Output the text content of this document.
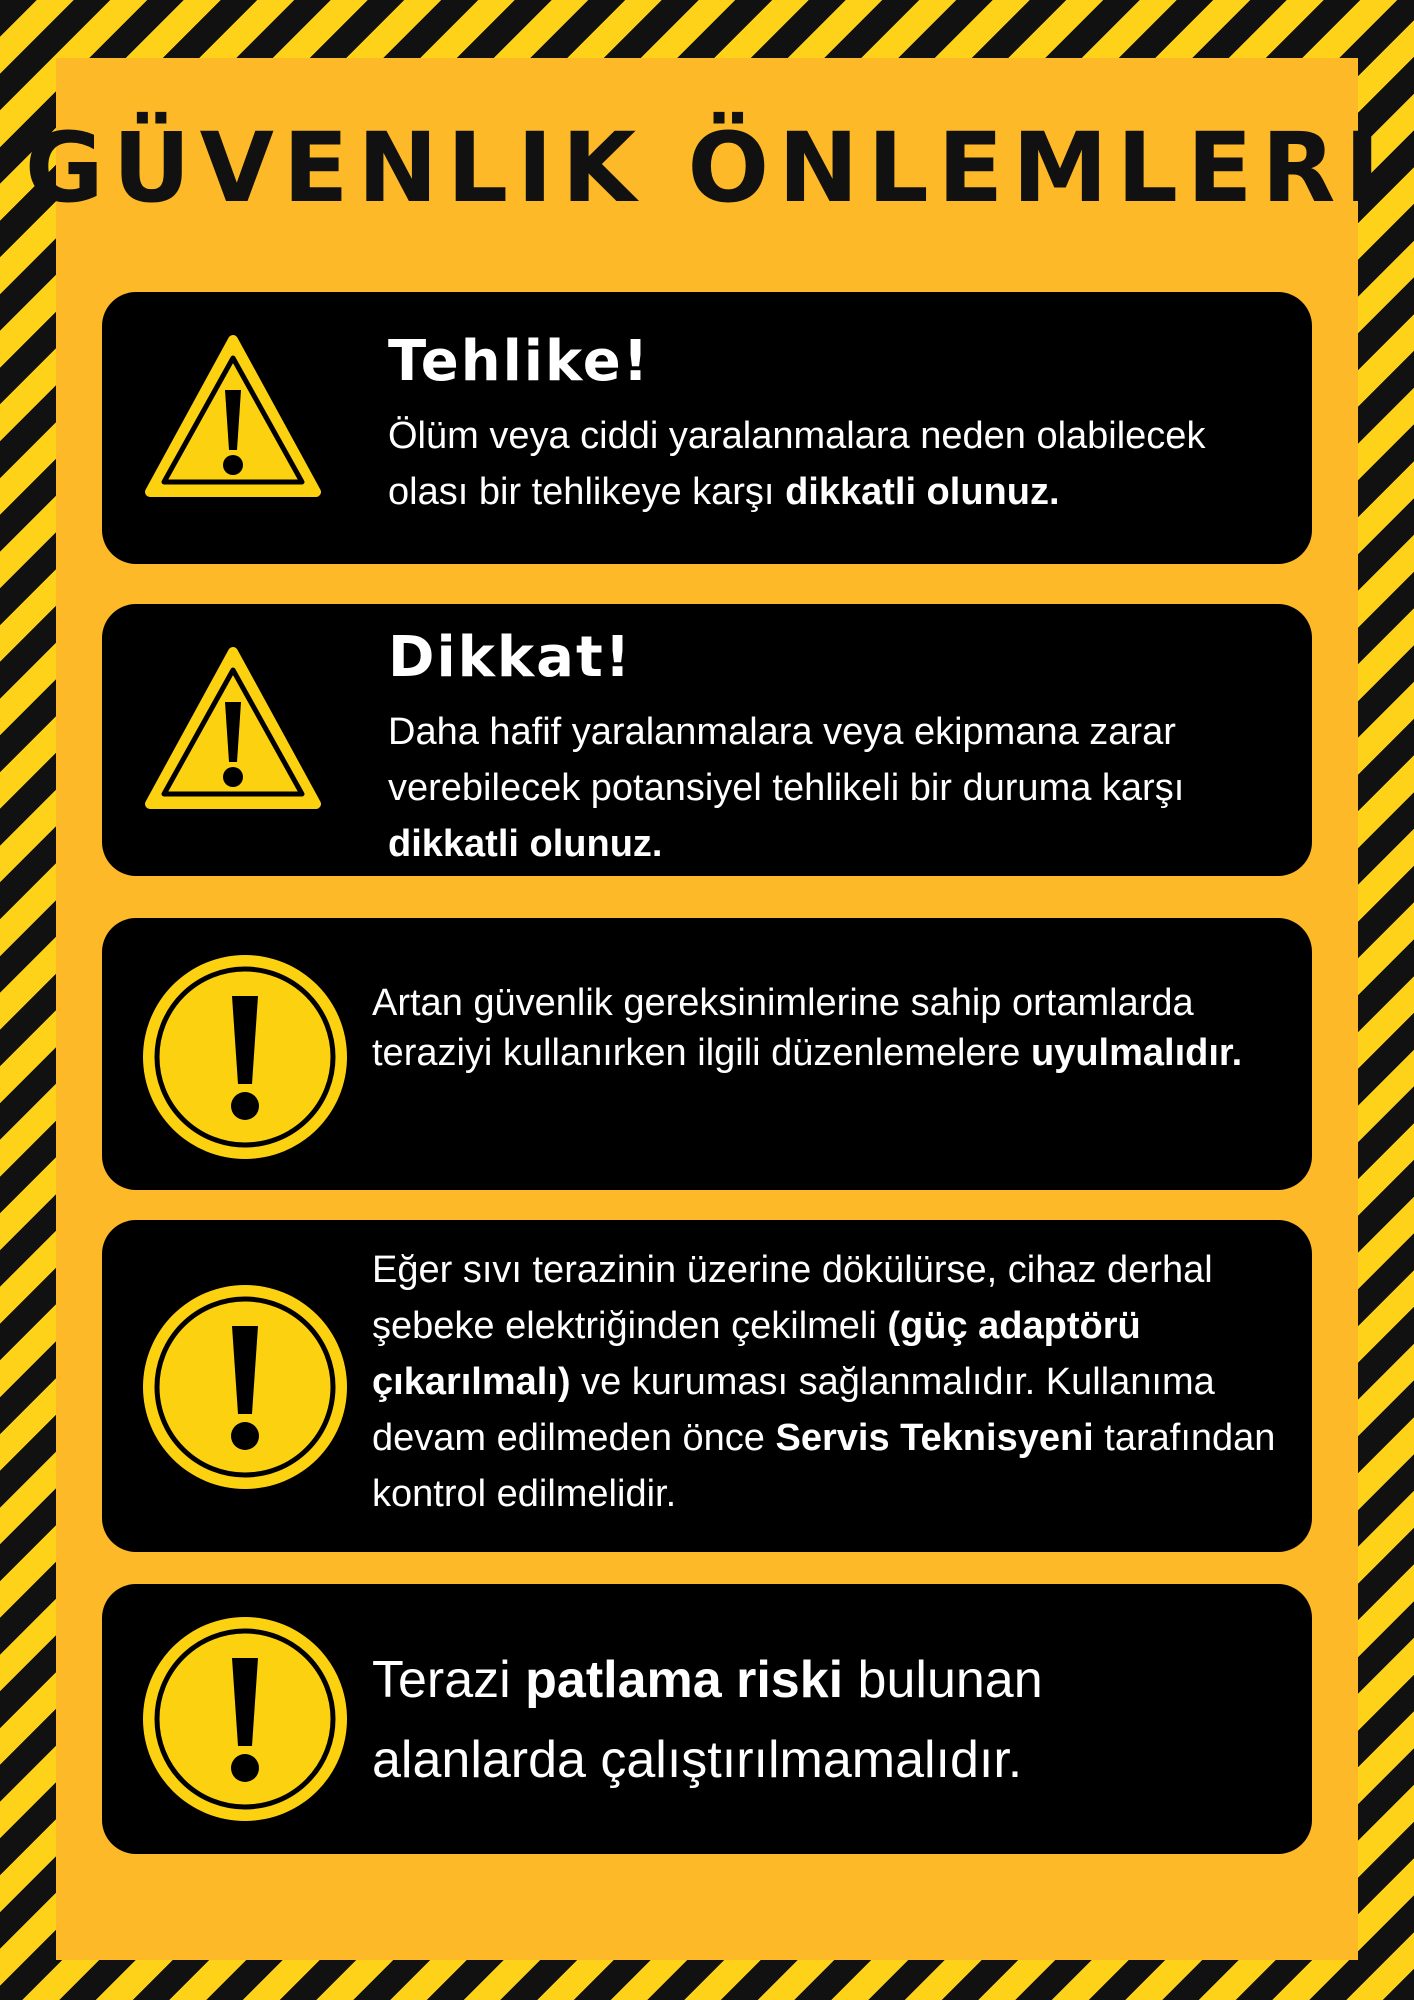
GÜVENLIK ÖNLEMLERI

Tehlike!

Ölüm veya ciddi yaralanmalara neden olabilecek olası bir tehlikeye karşı dikkatli olunuz.

Dikkat!

Daha hafif yaralanmalara veya ekipmana zarar verebilecek potansiyel tehlikeli bir duruma karşı dikkatli olunuz.

Artan güvenlik gereksinimlerine sahip ortamlarda teraziyi kullanırken ilgili düzenlemelere uyulmalıdır.

Eğer sıvı terazinin üzerine dökülürse, cihaz derhal şebeke elektriğinden çekilmeli (güç adaptörü çıkarılmalı) ve kuruması sağlanmalıdır. Kullanıma devam edilmeden önce Servis Teknisyeni tarafından kontrol edilmelidir.

Terazi patlama riski bulunan alanlarda çalıştırılmamalıdır.
